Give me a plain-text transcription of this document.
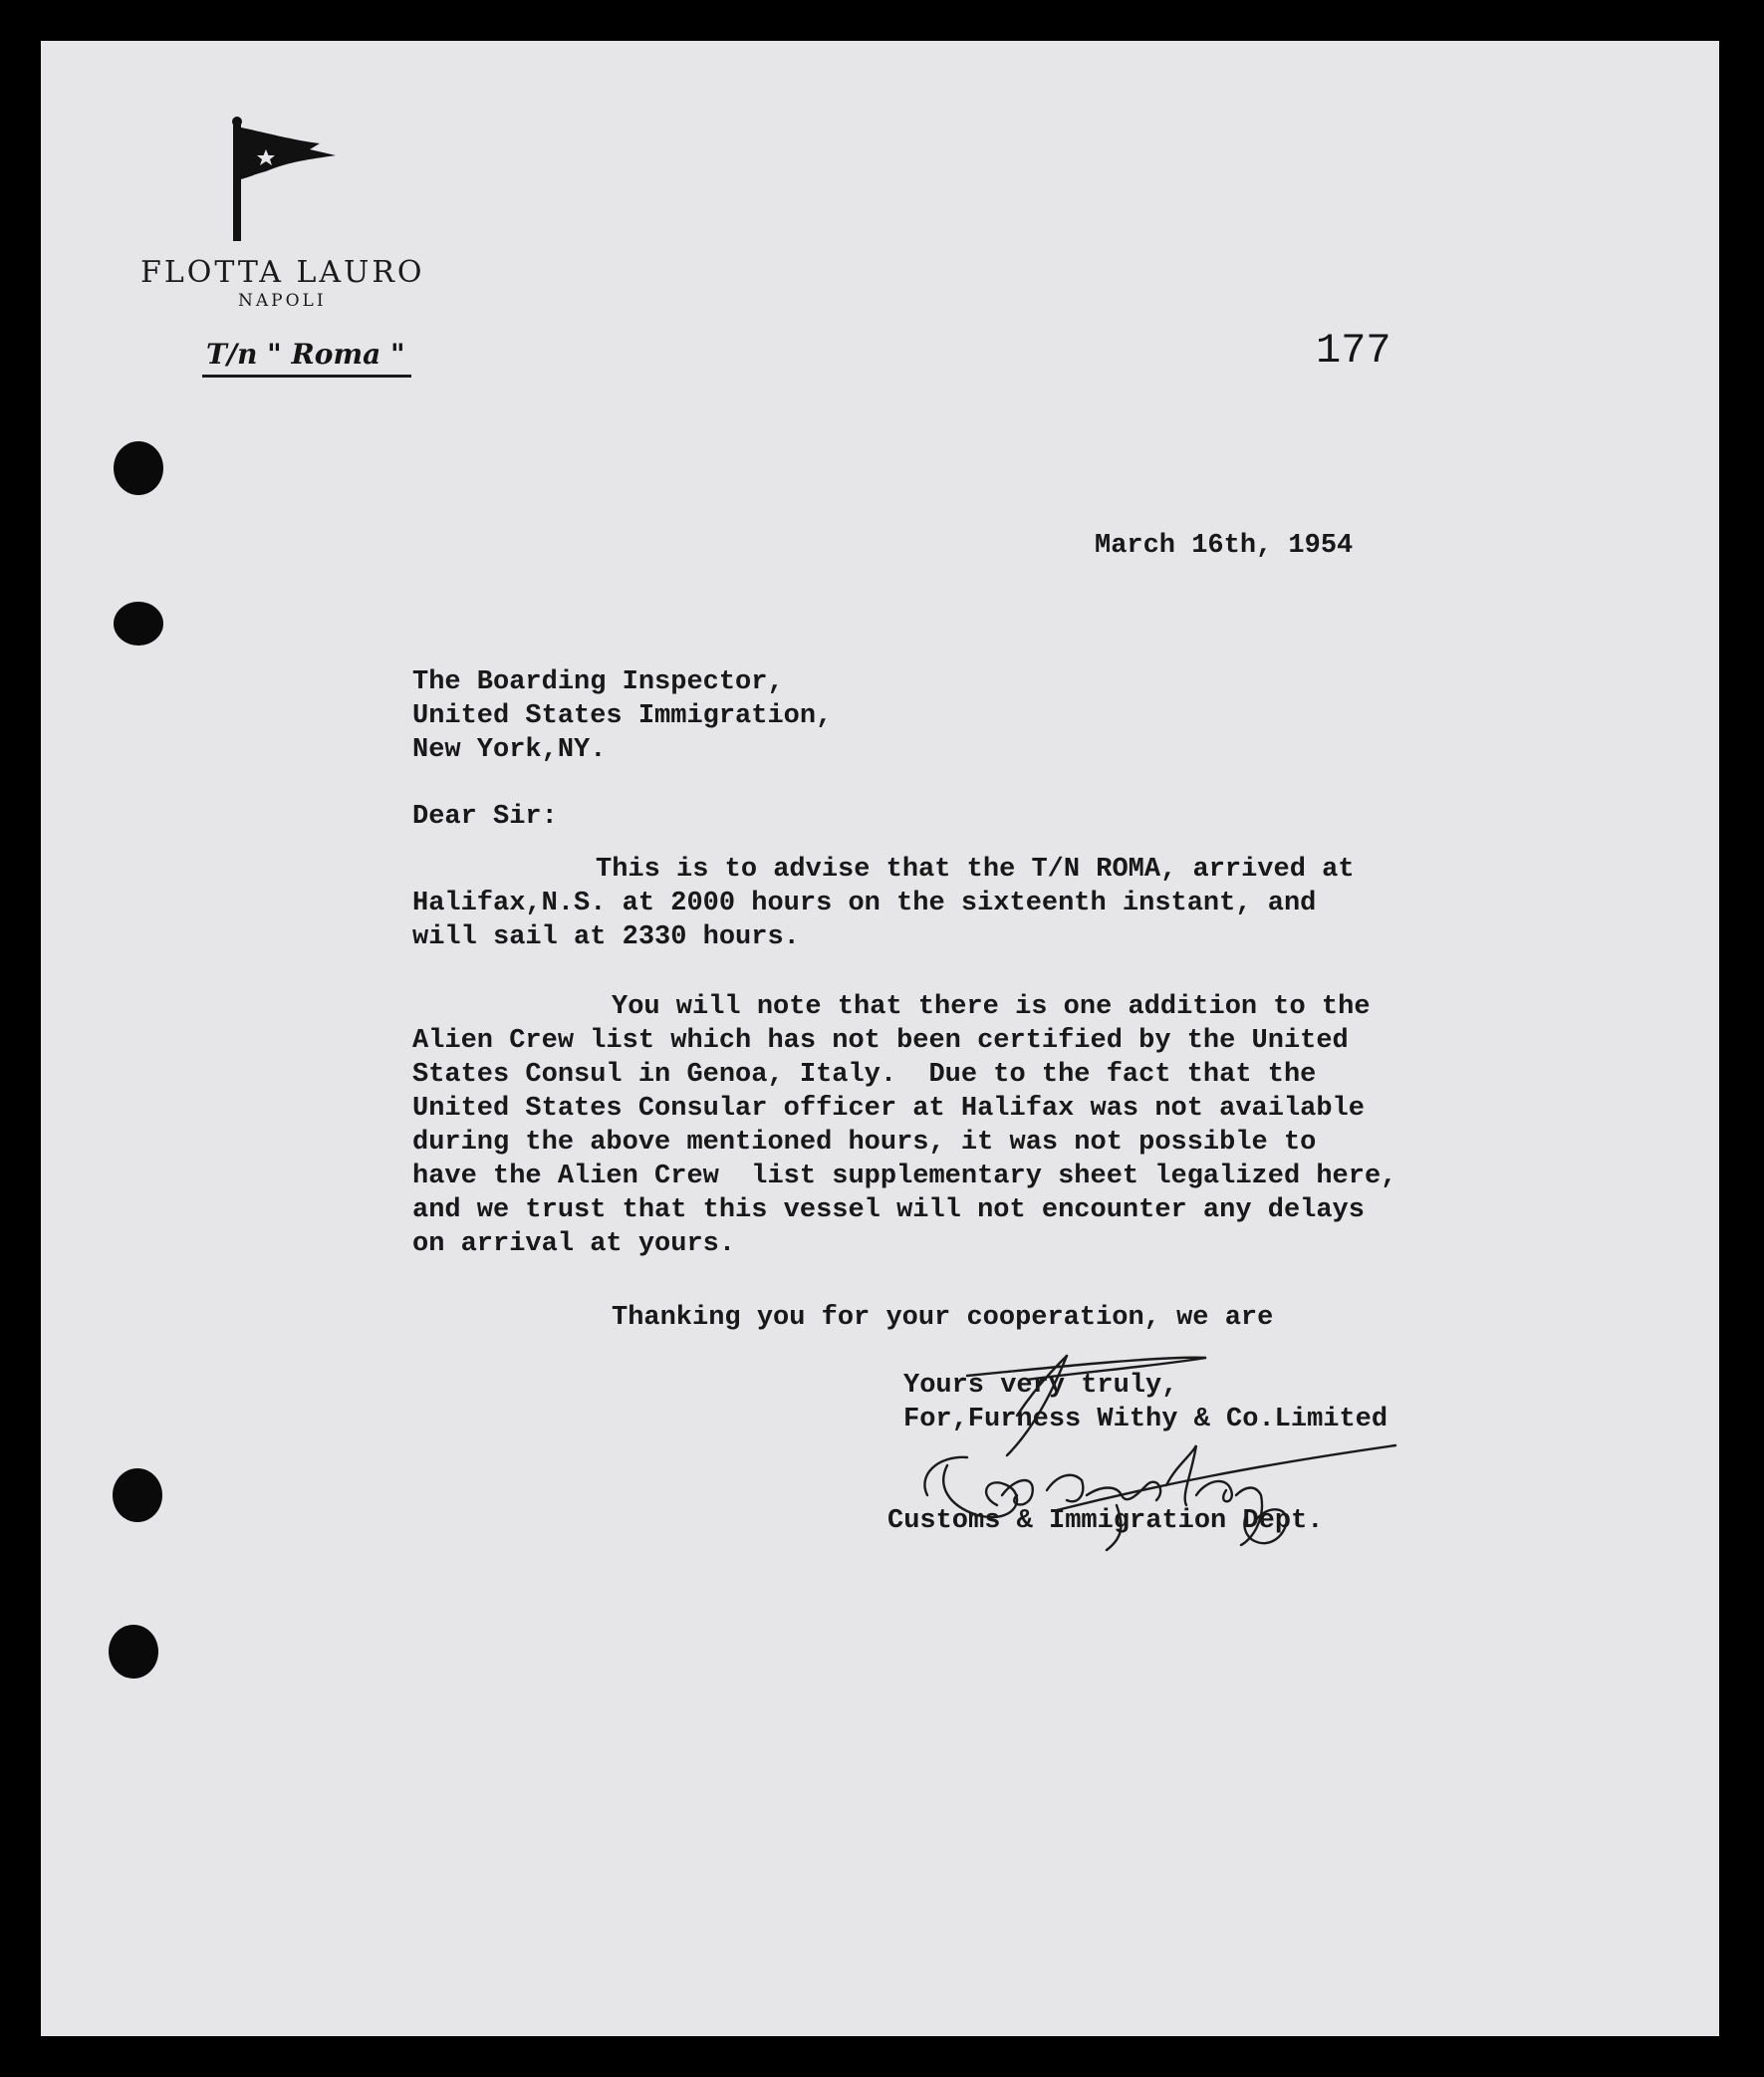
FLOTTA LAURO
NAPOLI
T/n " Roma "	177
March 16th, 1954
The Boarding Inspector,
United States Immigration,
New York,NY.
Dear Sir:
This is to advise that the T/N ROMA, arrived at
Halifax,N.S. at 2000 hours on the sixteenth instant, and
will sail at 2330 hours.
You will note that there is one addition to the
Alien Crew list which has not been certified by the United
States Consul in Genoa, Italy.  Due to the fact that the
United States Consular officer at Halifax was not available
during the above mentioned hours, it was not possible to
have the Alien Crew  list supplementary sheet legalized here,
and we trust that this vessel will not encounter any delays
on arrival at yours.
Thanking you for your cooperation, we are
Yours very truly,
For,Furness Withy & Co.Limited
Customs & Immigration Dept.
